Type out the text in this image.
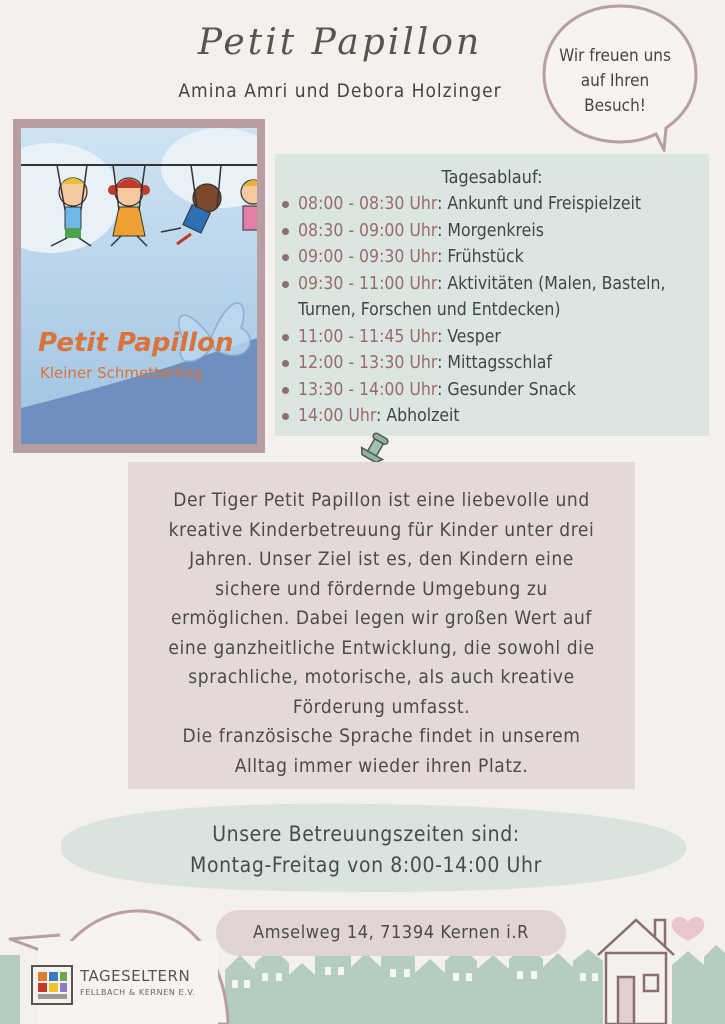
Petit Papillon
Amina Amri und Debora Holzinger
Wir freuen uns
auf Ihren
Besuch!
Petit Papillon
Kleiner Schmetterling
Tagesablauf:
08:00 - 08:30 Uhr: Ankunft und Freispielzeit
08:30 - 09:00 Uhr: Morgenkreis
09:00 - 09:30 Uhr: Frühstück
09:30 - 11:00 Uhr: Aktivitäten (Malen, Basteln, Turnen, Forschen und Entdecken)
11:00 - 11:45 Uhr: Vesper
12:00 - 13:30 Uhr: Mittagsschlaf
13:30 - 14:00 Uhr: Gesunder Snack
14:00 Uhr: Abholzeit
Der Tiger Petit Papillon ist eine liebevolle und
kreative Kinderbetreuung für Kinder unter drei
Jahren. Unser Ziel ist es, den Kindern eine
sichere und fördernde Umgebung zu
ermöglichen. Dabei legen wir großen Wert auf
eine ganzheitliche Entwicklung, die sowohl die
sprachliche, motorische, als auch kreative
Förderung umfasst.
Die französische Sprache findet in unserem
Alltag immer wieder ihren Platz.
Unsere Betreuungszeiten sind:
Montag-Freitag von 8:00-14:00 Uhr
Amselweg 14, 71394 Kernen i.R
TAGESELTERN
FELLBACH & KERNEN E.V.
